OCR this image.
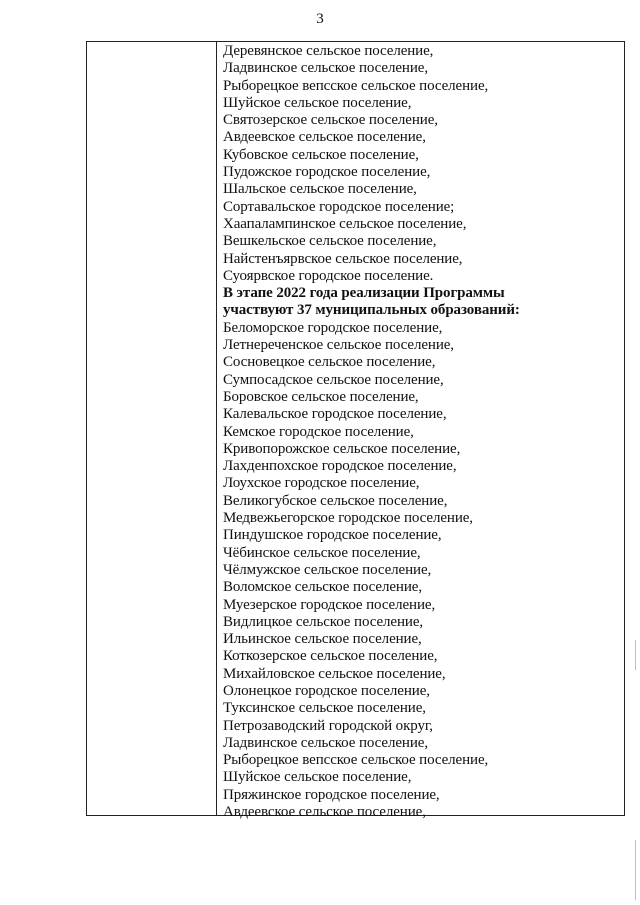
3
Деревянское сельское поселение,
Ладвинское сельское поселение,
Рыборецкое вепсское сельское поселение,
Шуйское сельское поселение,
Святозерское сельское поселение,
Авдеевское сельское поселение,
Кубовское сельское поселение,
Пудожское городское поселение,
Шальское сельское поселение,
Сортавальское городское поселение;
Хаапалампинское сельское поселение,
Вешкельское сельское поселение,
Найстенъярвское сельское поселение,
Суоярвское городское поселение.
В этапе 2022 года реализации Программы
участвуют 37 муниципальных образований:
Беломорское городское поселение,
Летнереченское сельское поселение,
Сосновецкое сельское поселение,
Сумпосадское сельское поселение,
Боровское сельское поселение,
Калевальское городское поселение,
Кемское городское поселение,
Кривопорожское сельское поселение,
Лахденпохское городское поселение,
Лоухское городское поселение,
Великогубское сельское поселение,
Медвежьегорское городское поселение,
Пиндушское городское поселение,
Чёбинское сельское поселение,
Чёлмужское сельское поселение,
Воломское сельское поселение,
Муезерское городское поселение,
Видлицкое сельское поселение,
Ильинское сельское поселение,
Коткозерское сельское поселение,
Михайловское сельское поселение,
Олонецкое городское поселение,
Туксинское сельское поселение,
Петрозаводский городской округ,
Ладвинское сельское поселение,
Рыборецкое вепсское сельское поселение,
Шуйское сельское поселение,
Пряжинское городское поселение,
Авдеевское сельское поселение,
